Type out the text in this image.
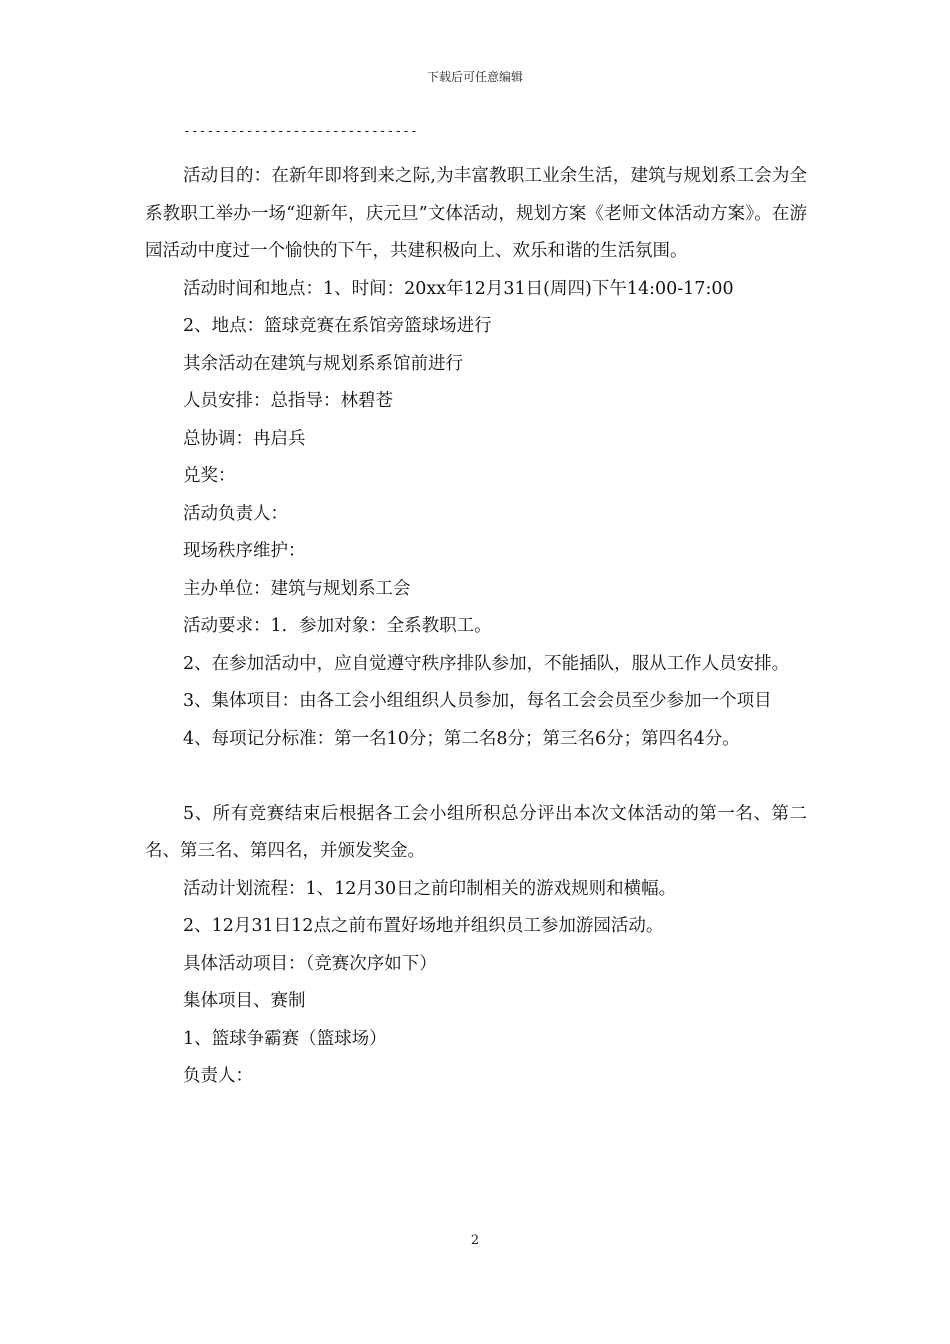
下载后可任意编辑
------------------------------

活动目的：在新年即将到来之际,为丰富教职工业余生活，建筑与规划系工会为全系教职工举办一场“迎新年，庆元旦”文体活动，规划方案《老师文体活动方案》。在游园活动中度过一个愉快的下午，共建积极向上、欢乐和谐的生活氛围。

活动时间和地点：1、时间：20xx年12月31日(周四)下午14:00-17:00

2、地点：篮球竞赛在系馆旁篮球场进行

其余活动在建筑与规划系系馆前进行

人员安排：总指导：林碧苍

总协调：冉启兵

兑奖：

活动负责人：

现场秩序维护：

主办单位：建筑与规划系工会

活动要求：1．参加对象：全系教职工。

2、在参加活动中，应自觉遵守秩序排队参加，不能插队，服从工作人员安排。

3、集体项目：由各工会小组组织人员参加，每名工会会员至少参加一个项目

4、每项记分标准：第一名10分；第二名8分；第三名6分；第四名4分。

5、所有竞赛结束后根据各工会小组所积总分评出本次文体活动的第一名、第二名、第三名、第四名，并颁发奖金。

活动计划流程：1、12月30日之前印制相关的游戏规则和横幅。

2、12月31日12点之前布置好场地并组织员工参加游园活动。

具体活动项目：（竞赛次序如下）

集体项目、赛制

1、篮球争霸赛（篮球场）

负责人：

2
